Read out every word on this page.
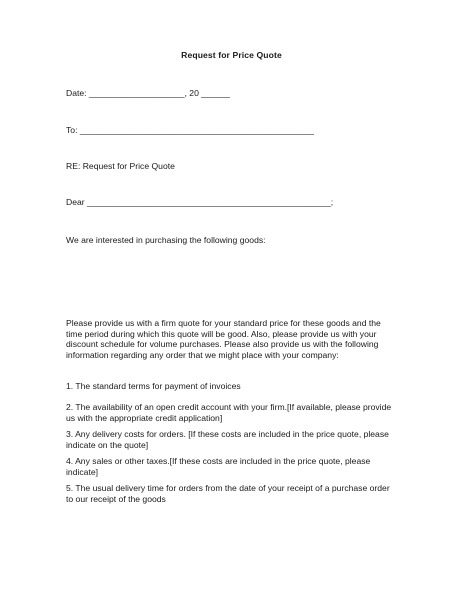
Request for Price Quote
Date: ____________________, 20 ______
To: _________________________________________________
RE: Request for Price Quote
Dear ___________________________________________________;
We are interested in purchasing the following goods:
Please provide us with a firm quote for your standard price for these goods and the time period during which this quote will be good. Also, please provide us with your discount schedule for volume purchases. Please also provide us with the following information regarding any order that we might place with your company:
1. The standard terms for payment of invoices
2. The availability of an open credit account with your firm.[If available, please provide us with the appropriate credit application]
3. Any delivery costs for orders. [If these costs are included in the price quote, please indicate on the quote]
4. Any sales or other taxes.[If these costs are included in the price quote, please indicate]
5. The usual delivery time for orders from the date of your receipt of a purchase order to our receipt of the goods
